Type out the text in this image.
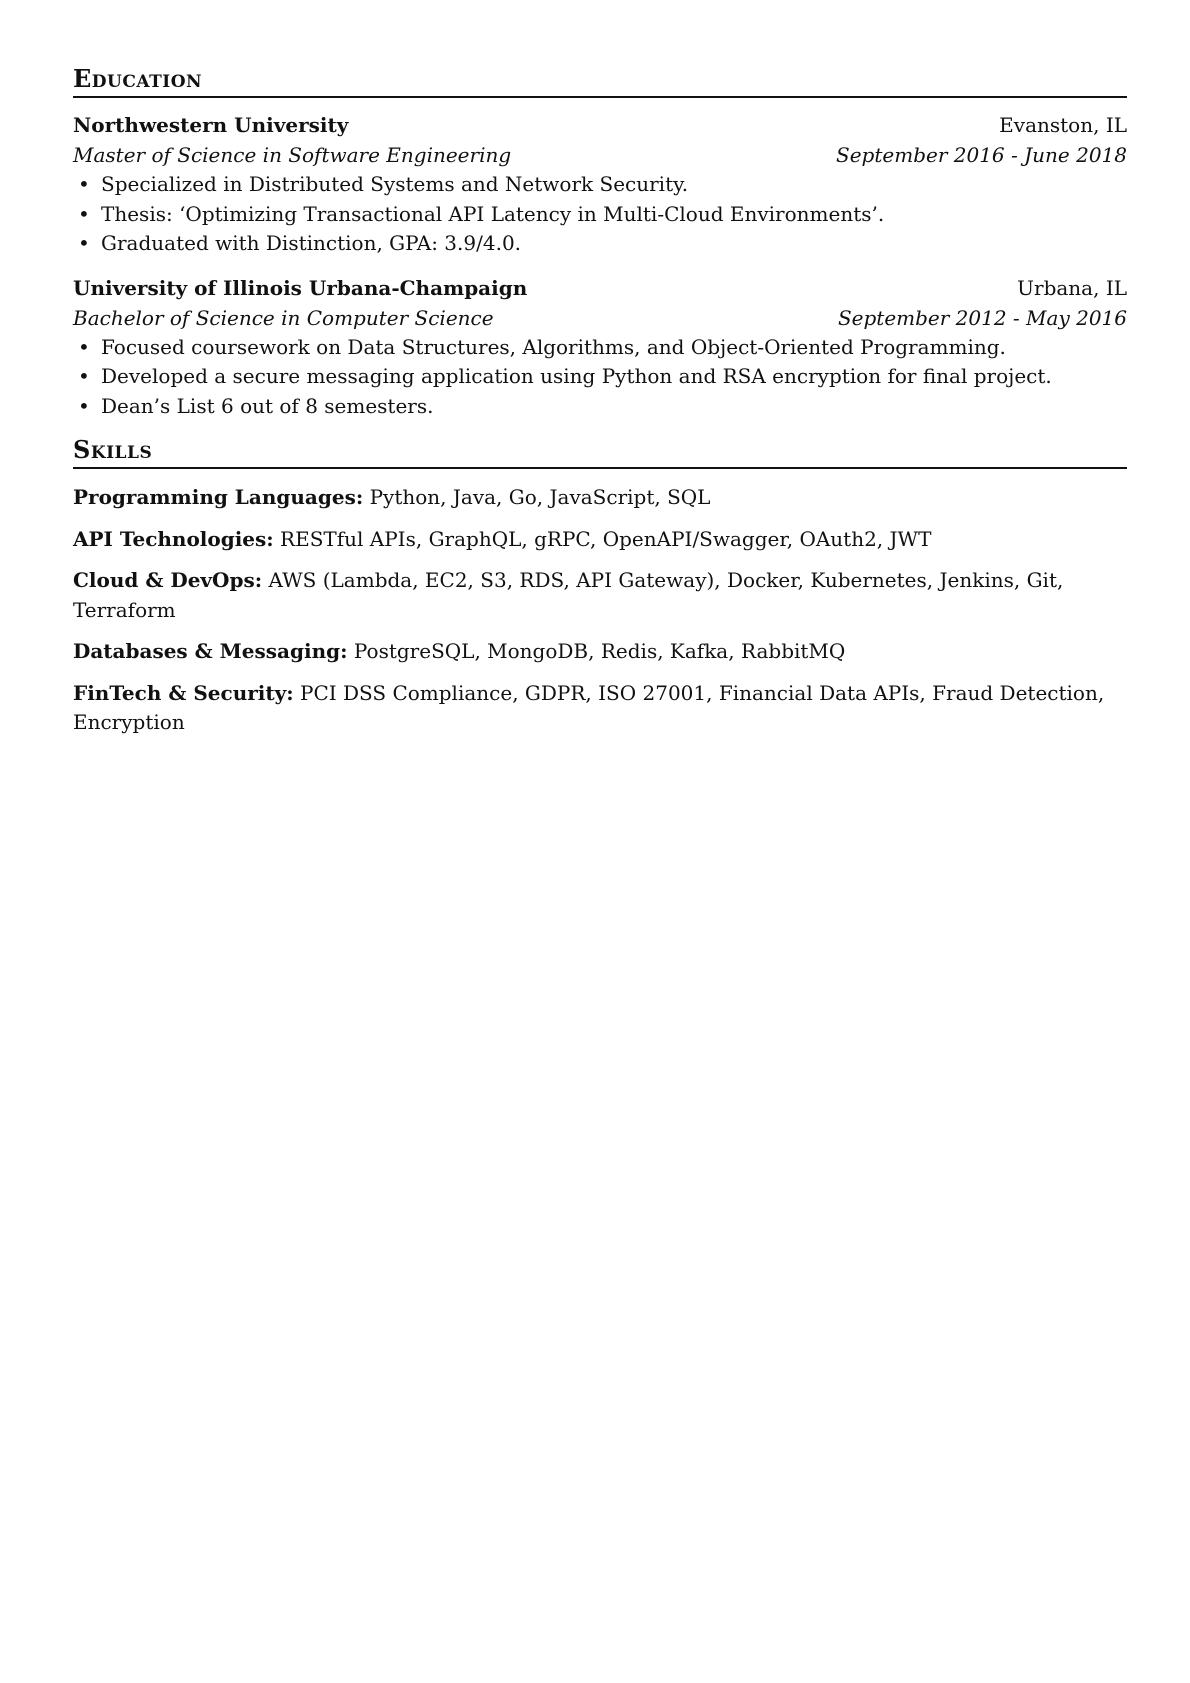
Education
Northwestern University	Evanston, IL
Master of Science in Software Engineering	September 2016 - June 2018
• Specialized in Distributed Systems and Network Security.
• Thesis: ‘Optimizing Transactional API Latency in Multi-Cloud Environments’.
• Graduated with Distinction, GPA: 3.9/4.0.
University of Illinois Urbana-Champaign	Urbana, IL
Bachelor of Science in Computer Science	September 2012 - May 2016
• Focused coursework on Data Structures, Algorithms, and Object-Oriented Programming.
• Developed a secure messaging application using Python and RSA encryption for final project.
• Dean’s List 6 out of 8 semesters.
Skills

Programming Languages: Python, Java, Go, JavaScript, SQL

API Technologies: RESTful APIs, GraphQL, gRPC, OpenAPI/Swagger, OAuth2, JWT

Cloud & DevOps: AWS (Lambda, EC2, S3, RDS, API Gateway), Docker, Kubernetes, Jenkins, Git, Terraform

Databases & Messaging: PostgreSQL, MongoDB, Redis, Kafka, RabbitMQ

FinTech & Security: PCI DSS Compliance, GDPR, ISO 27001, Financial Data APIs, Fraud Detection, Encryption
